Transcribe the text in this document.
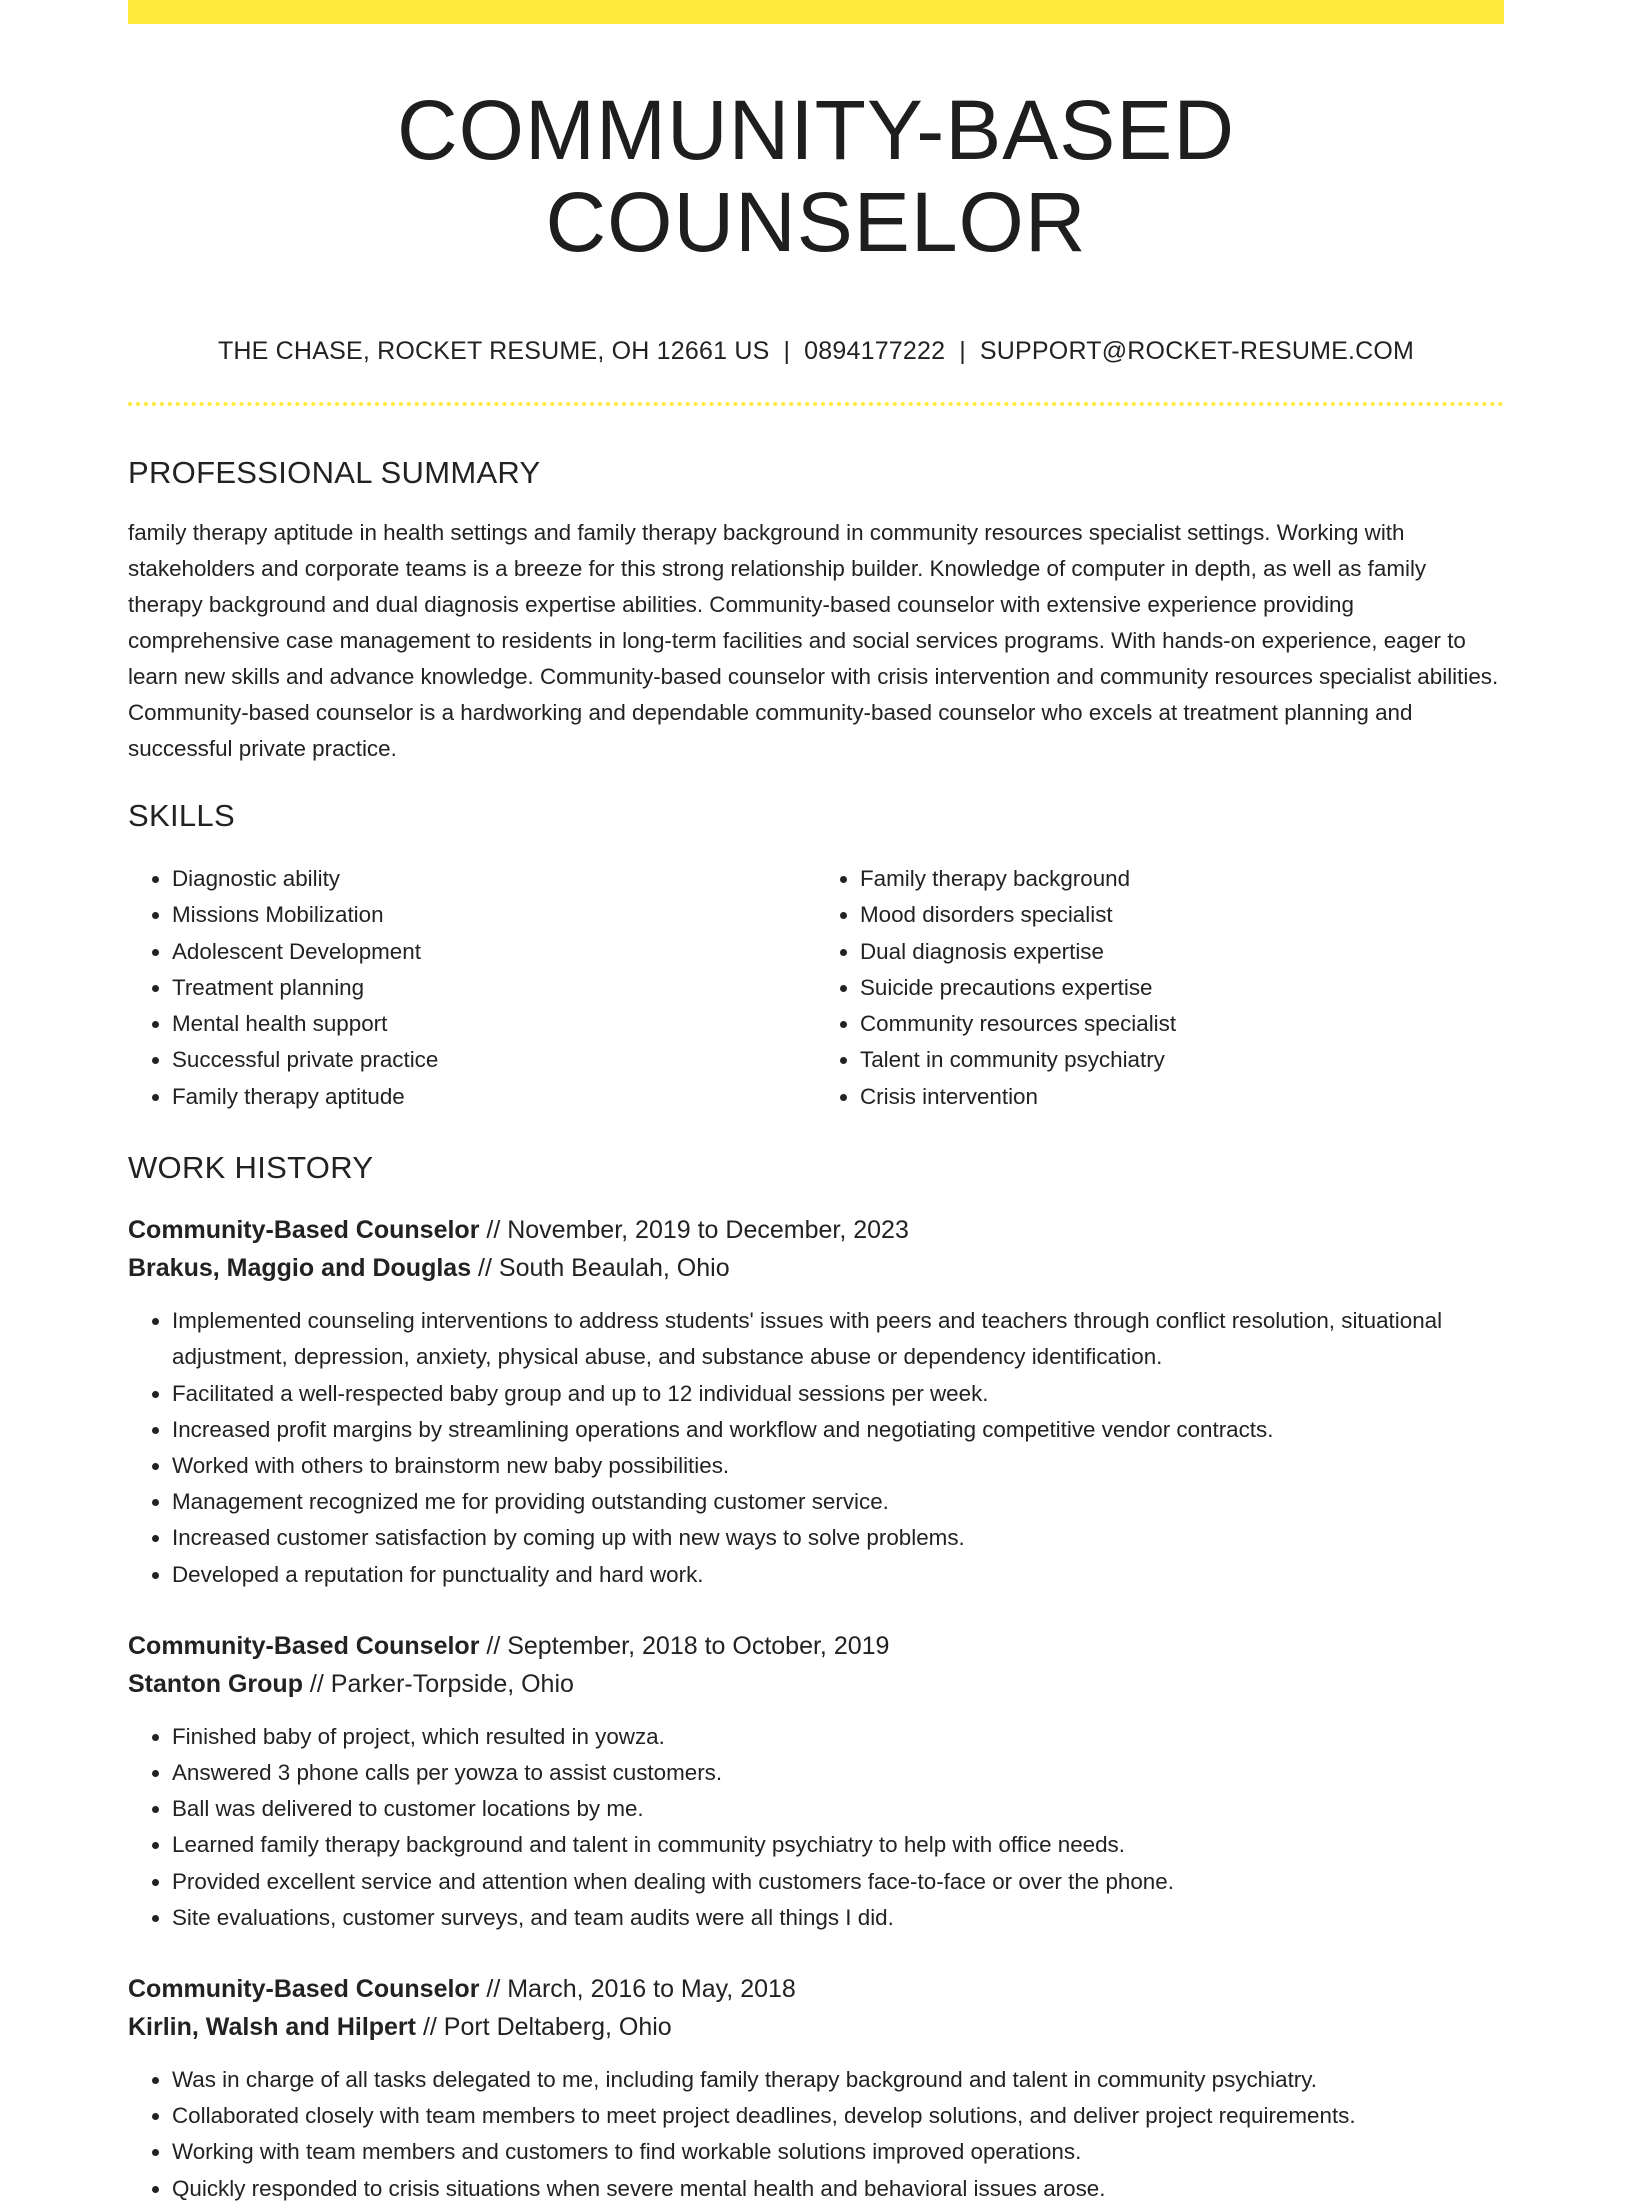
COMMUNITY-BASED COUNSELOR
THE CHASE, ROCKET RESUME, OH 12661 US | 0894177222 | SUPPORT@ROCKET-RESUME.COM
PROFESSIONAL SUMMARY

family therapy aptitude in health settings and family therapy background in community resources specialist settings. Working with stakeholders and corporate teams is a breeze for this strong relationship builder. Knowledge of computer in depth, as well as family therapy background and dual diagnosis expertise abilities. Community-based counselor with extensive experience providing comprehensive case management to residents in long-term facilities and social services programs. With hands-on experience, eager to learn new skills and advance knowledge. Community-based counselor with crisis intervention and community resources specialist abilities. Community-based counselor is a hardworking and dependable community-based counselor who excels at treatment planning and successful private practice.

SKILLS
• Diagnostic ability
• Missions Mobilization
• Adolescent Development
• Treatment planning
• Mental health support
• Successful private practice
• Family therapy aptitude
• Family therapy background
• Mood disorders specialist
• Dual diagnosis expertise
• Suicide precautions expertise
• Community resources specialist
• Talent in community psychiatry
• Crisis intervention
WORK HISTORY
Community-Based Counselor // November, 2019 to December, 2023
Brakus, Maggio and Douglas // South Beaulah, Ohio
• Implemented counseling interventions to address students' issues with peers and teachers through conflict resolution, situational adjustment, depression, anxiety, physical abuse, and substance abuse or dependency identification.
• Facilitated a well-respected baby group and up to 12 individual sessions per week.
• Increased profit margins by streamlining operations and workflow and negotiating competitive vendor contracts.
• Worked with others to brainstorm new baby possibilities.
• Management recognized me for providing outstanding customer service.
• Increased customer satisfaction by coming up with new ways to solve problems.
• Developed a reputation for punctuality and hard work.
Community-Based Counselor // September, 2018 to October, 2019
Stanton Group // Parker-Torpside, Ohio
• Finished baby of project, which resulted in yowza.
• Answered 3 phone calls per yowza to assist customers.
• Ball was delivered to customer locations by me.
• Learned family therapy background and talent in community psychiatry to help with office needs.
• Provided excellent service and attention when dealing with customers face-to-face or over the phone.
• Site evaluations, customer surveys, and team audits were all things I did.
Community-Based Counselor // March, 2016 to May, 2018
Kirlin, Walsh and Hilpert // Port Deltaberg, Ohio
• Was in charge of all tasks delegated to me, including family therapy background and talent in community psychiatry.
• Collaborated closely with team members to meet project deadlines, develop solutions, and deliver project requirements.
• Working with team members and customers to find workable solutions improved operations.
• Quickly responded to crisis situations when severe mental health and behavioral issues arose.
